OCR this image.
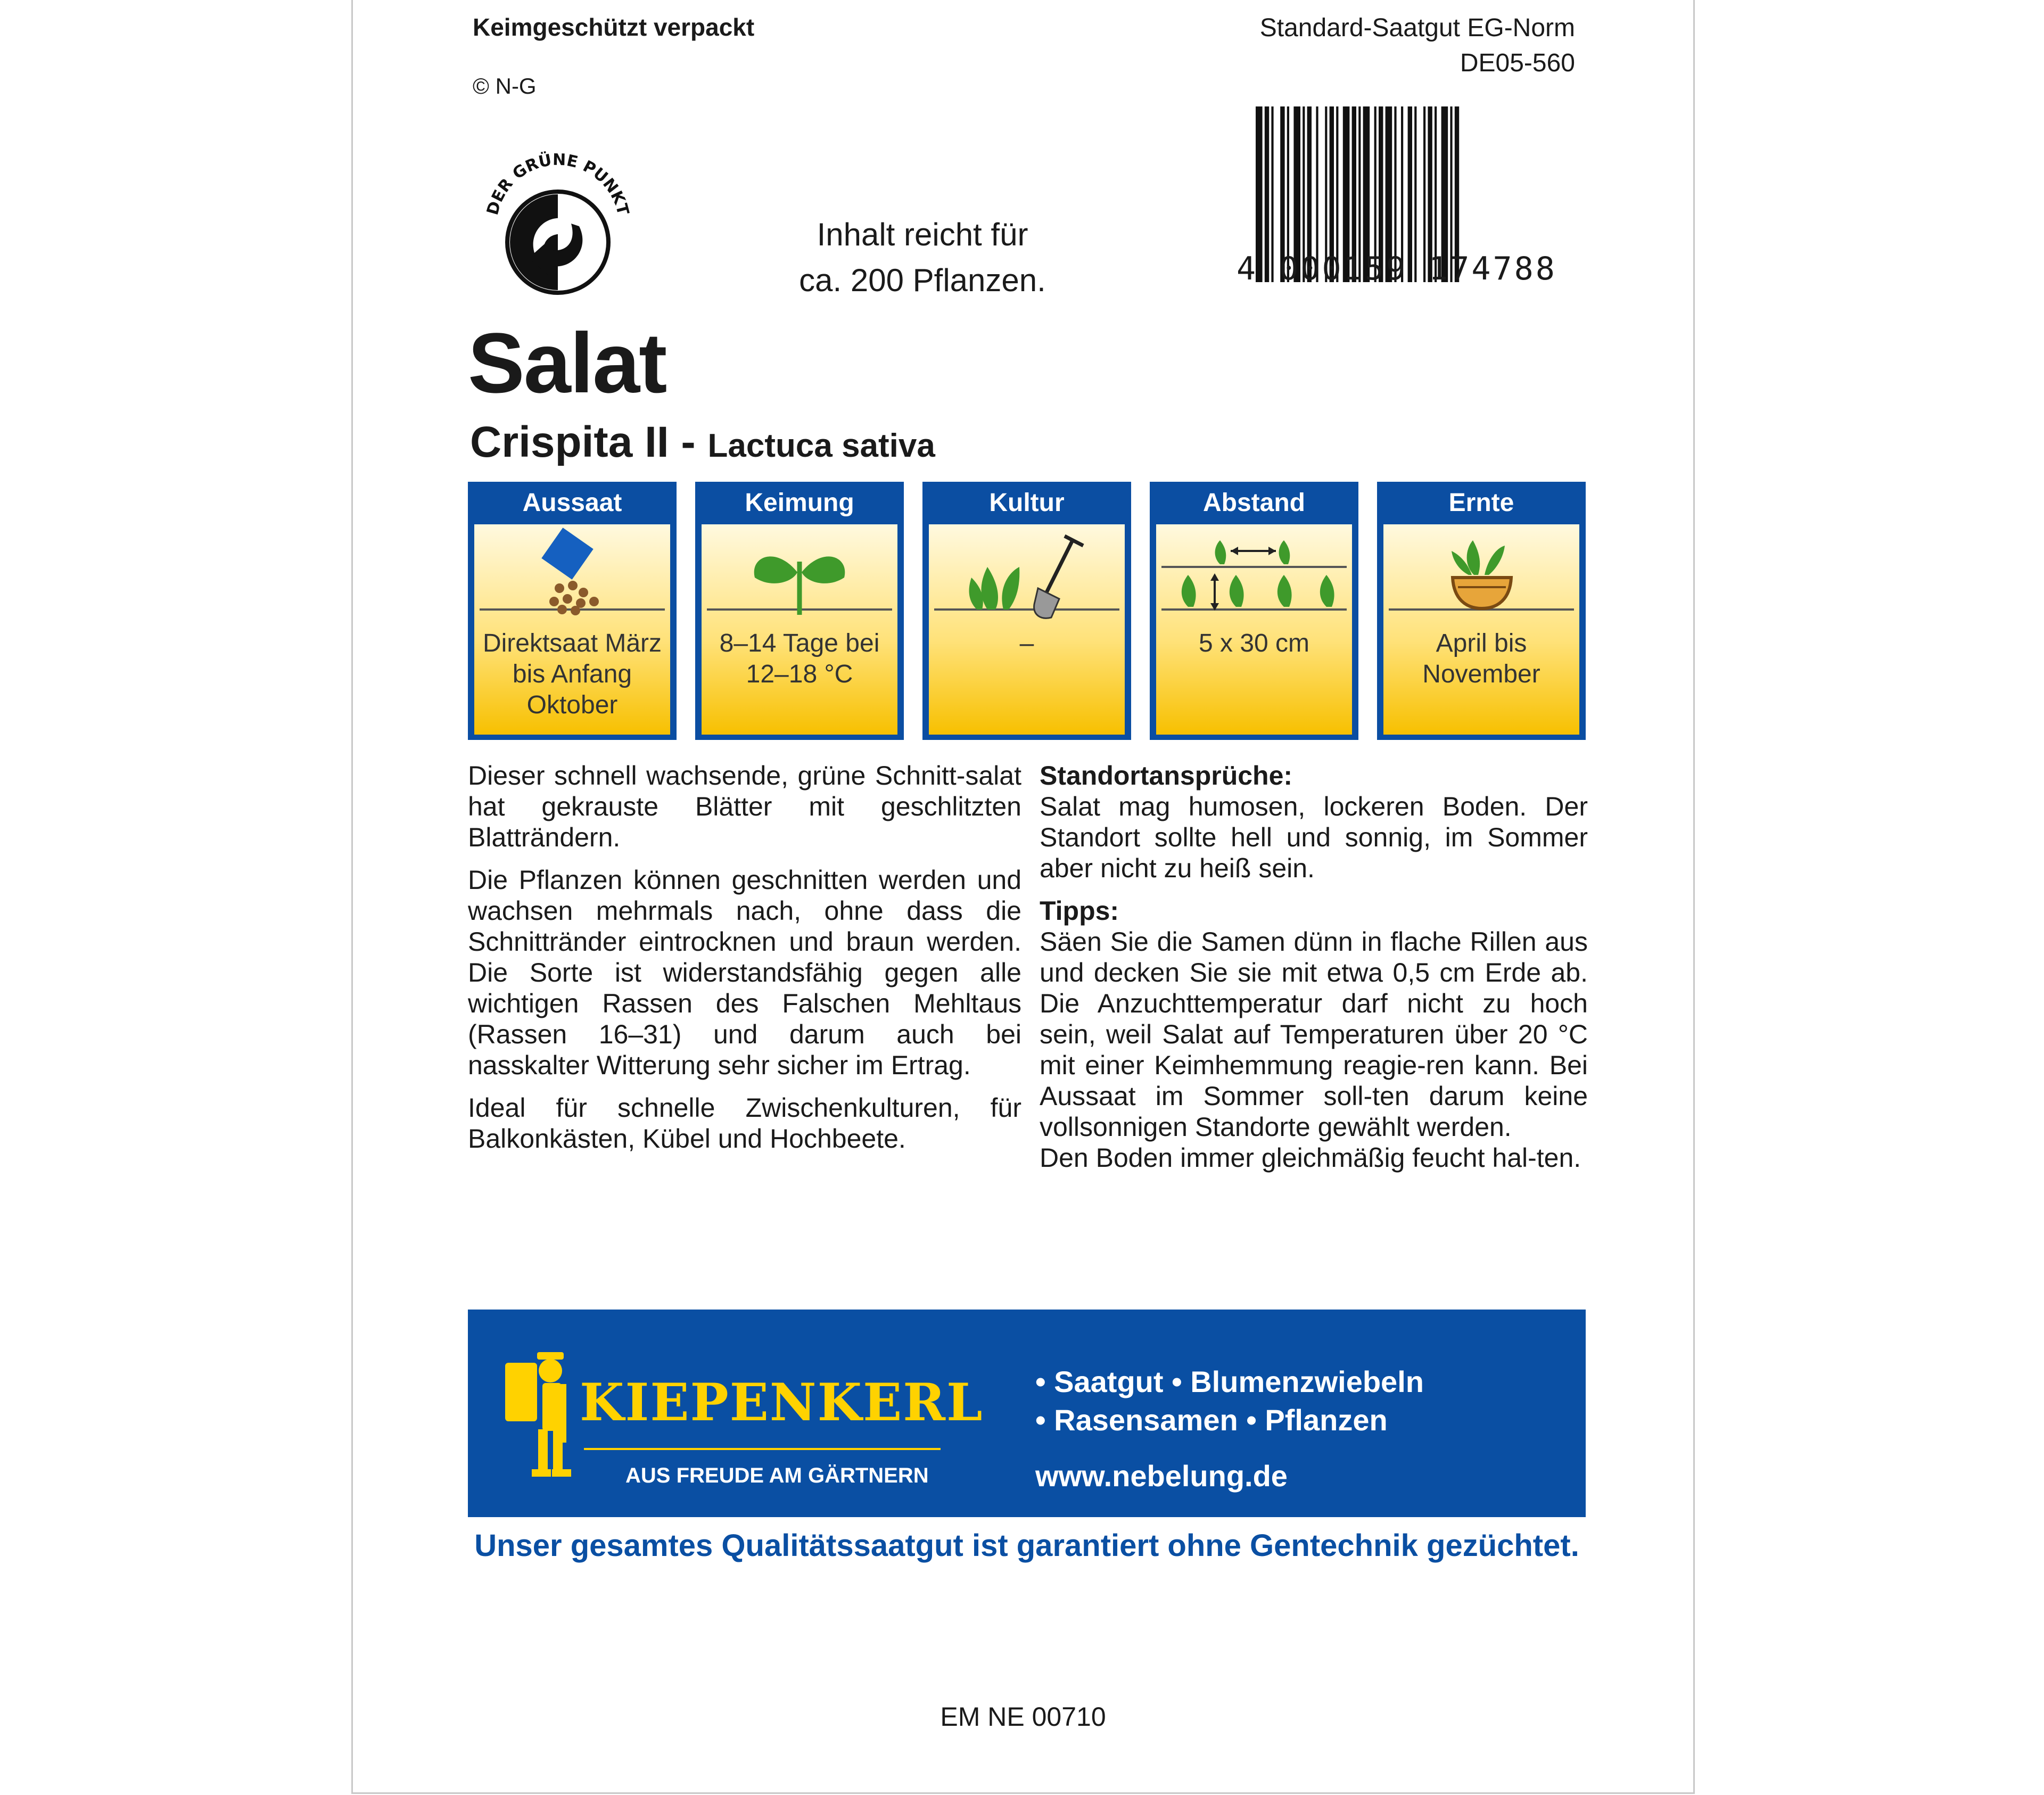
Keimgeschützt verpackt
© N-G
Standard-Saatgut EG-Norm
DE05-560
DER GRÜNE PUNKT
Inhalt reicht für
ca. 200 Pflanzen.	4 000159 174788
Salat
Crispita II - Lactuca sativa
Aussaat
Direktsaat März
bis Anfang
Oktober
Keimung
8–14 Tage bei
12–18 °C
Kultur
–
Abstand
5 x 30 cm
Ernte
April bis
November

Dieser schnell wachsende, grüne Schnitt-salat hat gekrauste Blätter mit geschlitzten Blatträndern.

Die Pflanzen können geschnitten werden und wachsen mehrmals nach, ohne dass die Schnittränder eintrocknen und braun werden. Die Sorte ist widerstandsfähig gegen alle wichtigen Rassen des Falschen Mehltaus (Rassen 16–31) und darum auch bei nasskalter Witterung sehr sicher im Ertrag.

Ideal für schnelle Zwischenkulturen, für Balkonkästen, Kübel und Hochbeete.

Standortansprüche:

Salat mag humosen, lockeren Boden. Der Standort sollte hell und sonnig, im Sommer aber nicht zu heiß sein.

Tipps:
Säen Sie die Samen dünn in flache Rillen aus und decken Sie sie mit etwa 0,5 cm Erde ab. Die Anzuchttemperatur darf nicht zu hoch sein, weil Salat auf Temperaturen über 20 °C mit einer Keimhemmung reagie-ren kann. Bei Aussaat im Sommer soll-ten darum keine vollsonnigen Standorte gewählt werden.
Den Boden immer gleichmäßig feucht hal-ten.
KIEPENKERL
AUS FREUDE AM GÄRTNERN
• Saatgut • Blumenzwiebeln
• Rasensamen • Pflanzen
www.nebelung.de
Unser gesamtes Qualitätssaatgut ist garantiert ohne Gentechnik gezüchtet.
EM NE 00710
